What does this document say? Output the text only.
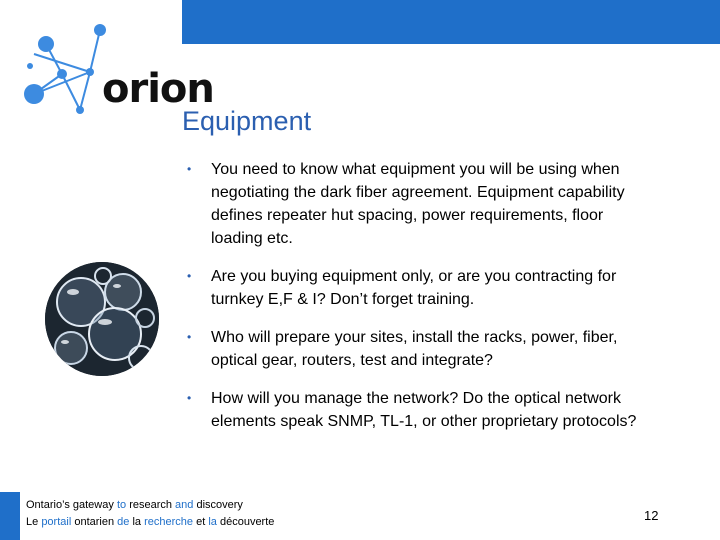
orion
Equipment
• You need to know what equipment you will be using when negotiating the dark fiber agreement. Equipment capability defines repeater hut spacing, power requirements, floor loading etc.
• Are you buying equipment only, or are you contracting for turnkey E,F & I? Don’t forget training.
• Who will prepare your sites, install the racks, power, fiber, optical gear, routers, test and integrate?
• How will you manage the network? Do the optical network elements speak SNMP, TL-1, or other proprietary protocols?
Ontario’s gateway to research and discovery
Le portail ontarien de la recherche et la découverte	12
